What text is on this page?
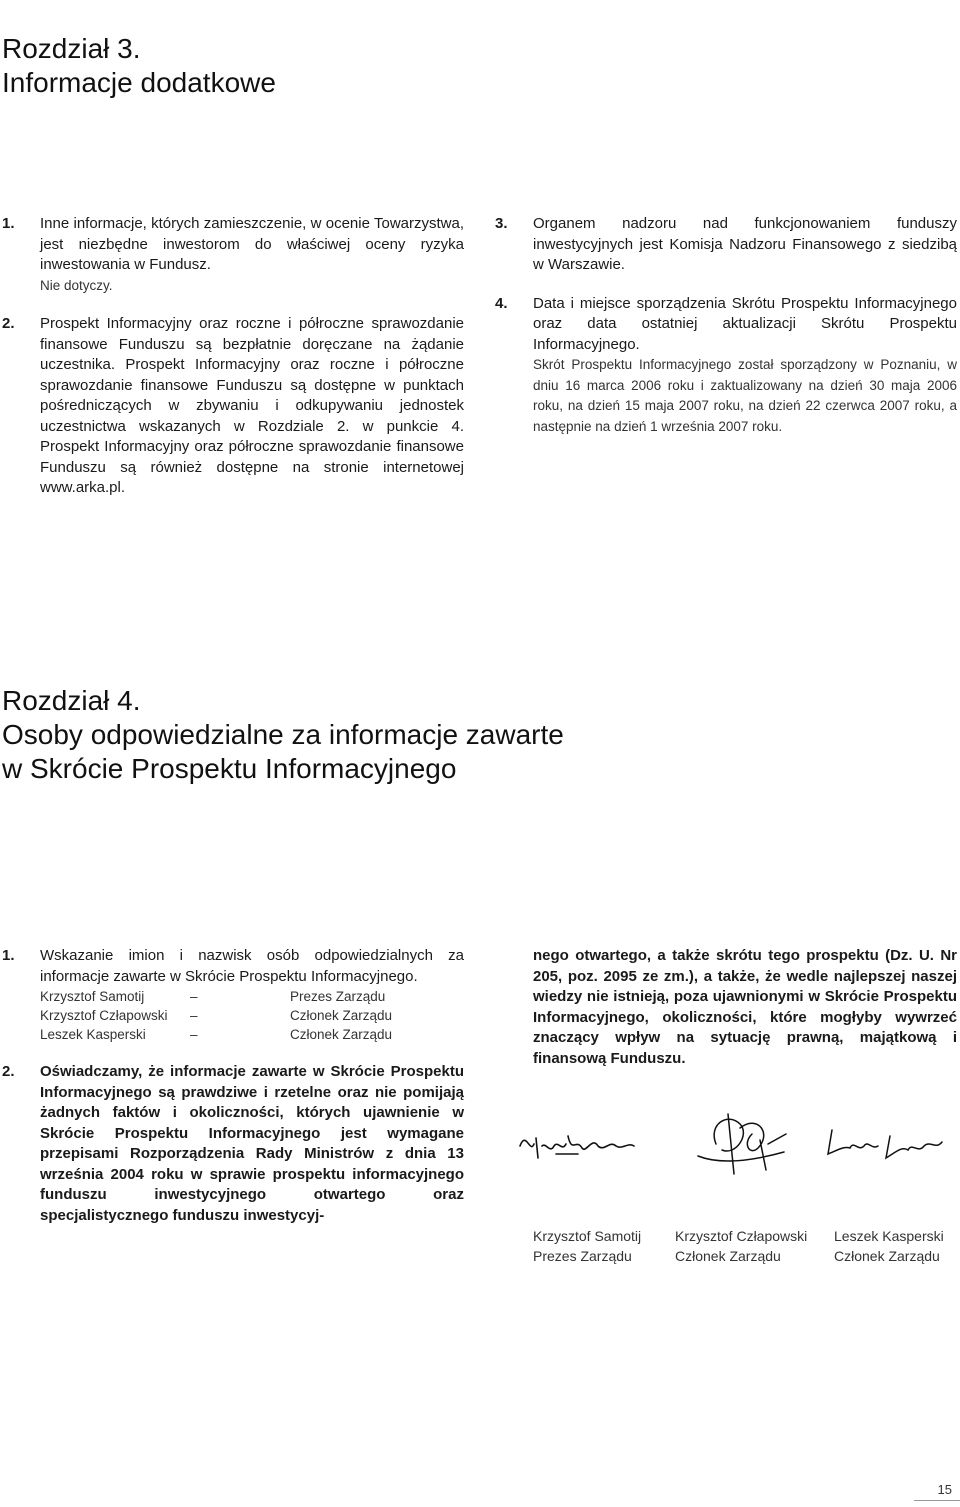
Rozdział 3.
Informacje dodatkowe
1.	Inne informacje, których zamieszczenie, w ocenie Towarzystwa, jest niezbędne inwestorom do właściwej oceny ryzyka inwestowania w Fundusz.
Nie dotyczy.
2.	Prospekt Informacyjny oraz roczne i półroczne sprawozdanie finansowe Funduszu są bezpłatnie doręczane na żądanie uczestnika. Prospekt Informacyjny oraz roczne i półroczne sprawozdanie finansowe Funduszu są dostępne w punktach pośredniczących w zbywaniu i odkupywaniu jednostek uczestnictwa wskazanych w Rozdziale 2. w punkcie 4. Prospekt Informacyjny oraz półroczne sprawozdanie finansowe Funduszu są również dostępne na stronie internetowej www.arka.pl.
3.	Organem nadzoru nad funkcjonowaniem funduszy inwestycyjnych jest Komisja Nadzoru Finansowego z siedzibą w Warszawie.
4.	Data i miejsce sporządzenia Skrótu Prospektu Informacyjnego oraz data ostatniej aktualizacji Skrótu Prospektu Informacyjnego.
Skrót Prospektu Informacyjnego został sporządzony w Poznaniu, w dniu 16 marca 2006 roku i zaktualizowany na dzień 30 maja 2006 roku, na dzień 15 maja 2007 roku, na dzień 22 czerwca 2007 roku, a następnie na dzień 1 września 2007 roku.
Rozdział 4.
Osoby odpowiedzialne za informacje zawarte
w Skrócie Prospektu Informacyjnego
1.	Wskazanie imion i nazwisk osób odpowiedzialnych za informacje zawarte w Skrócie Prospektu Informacyjnego.
Krzysztof Samotij	–	Prezes Zarządu
Krzysztof Człapowski	–	Członek Zarządu
Leszek Kasperski	–	Członek Zarządu
2.	Oświadczamy, że informacje zawarte w Skrócie Prospektu Informacyjnego są prawdziwe i rzetelne oraz nie pomijają żadnych faktów i okoliczności, których ujawnienie w Skrócie Prospektu Informacyjnego jest wymagane przepisami Rozporządzenia Rady Ministrów z dnia 13 września 2004 roku w sprawie prospektu informacyjnego funduszu inwestycyjnego otwartego oraz specjalistycznego funduszu inwestycyj-
nego otwartego, a także skrótu tego prospektu (Dz. U. Nr 205, poz. 2095 ze zm.), a także, że wedle najlepszej naszej wiedzy nie istnieją, poza ujawnionymi w Skrócie Prospektu Informacyjnego, okoliczności, które mogłyby wywrzeć znaczący wpływ na sytuację prawną, majątkową i finansową Funduszu.
Krzysztof Samotij
Prezes Zarządu
Krzysztof Człapowski
Członek Zarządu
Leszek Kasperski
Członek Zarządu
15
